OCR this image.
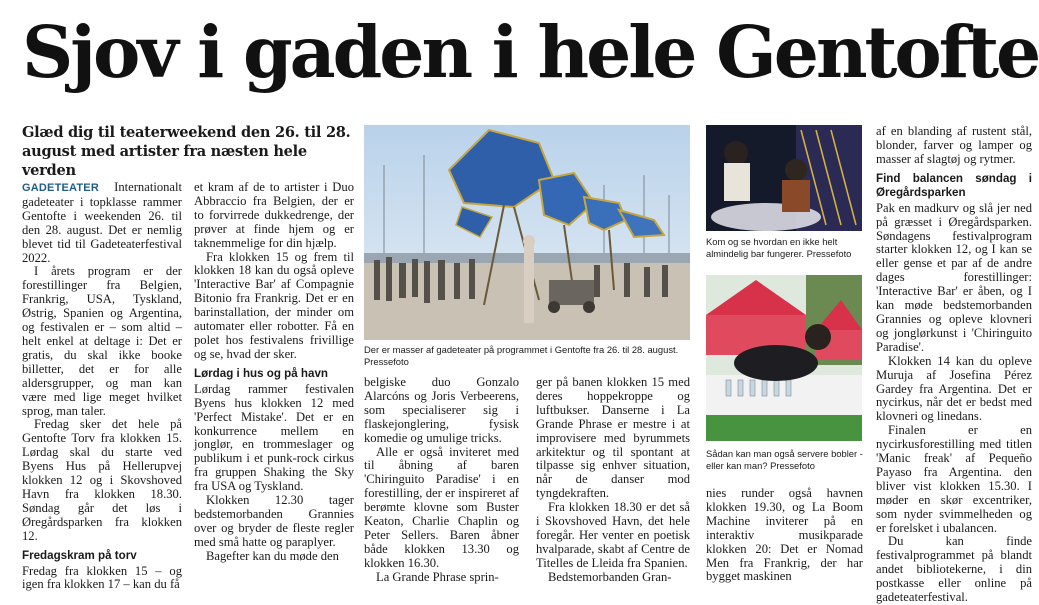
Sjov i gaden i hele Gentofte
Glæd dig til teaterweekend den 26. til 28. august med artister fra næsten hele verden

GADETEATER Internationalt gadeteater i topklasse rammer Gentofte i weekenden 26. til den 28. august. Det er nemlig blevet tid til Gadeteaterfestival 2022.

I årets program er der forestillinger fra Belgien, Frankrig, USA, Tyskland, Østrig, Spanien og Argentina, og festivalen er – som altid – helt enkel at deltage i: Det er gratis, du skal ikke booke billetter, det er for alle aldersgrupper, og man kan være med lige meget hvilket sprog, man taler.

Fredag sker det hele på Gentofte Torv fra klokken 15. Lørdag skal du starte ved Byens Hus på Hellerupvej klokken 12 og i Skovshoved Havn fra klokken 18.30. Søndag går det løs i Øregårdsparken fra klokken 12.

Fredagskram på torv

Fredag fra klokken 15 – og igen fra klokken 17 – kan du få

et kram af de to artister i Duo Abbraccio fra Belgien, der er to forvirrede dukkedrenge, der prøver at finde hjem og er taknemmelige for din hjælp.

Fra klokken 15 og frem til klokken 18 kan du også opleve 'Interactive Bar' af Compagnie Bitonio fra Frankrig. Det er en barinstallation, der minder om automater eller robotter. Få en polet hos festivalens frivillige og se, hvad der sker.

Lørdag i hus og på havn

Lørdag rammer festivalen Byens hus klokken 12 med 'Perfect Mistake'. Det er en konkurrence mellem en jonglør, en trommeslager og publikum i et punk-rock cirkus fra gruppen Shaking the Sky fra USA og Tyskland.

Klokken 12.30 tager bedstemorbanden Grannies over og bryder de fleste regler med små hatte og paraplyer.

Bagefter kan du møde den

Der er masser af gadeteater på programmet i Gentofte fra 26. til 28. august. Pressefoto

belgiske duo Gonzalo Alarcóns og Joris Verbeerens, som specialiserer sig i flaskejonglering, fysisk komedie og umulige tricks.

Alle er også inviteret med til åbning af baren 'Chiringuito Paradise' i en forestilling, der er inspireret af berømte klovne som Buster Keaton, Charlie Chaplin og Peter Sellers. Baren åbner både klokken 13.30 og klokken 16.30.

La Grande Phrase sprin-

ger på banen klokken 15 med deres hoppekroppe og luftbukser. Danserne i La Grande Phrase er mestre i at improvisere med byrummets arkitektur og til spontant at tilpasse sig enhver situation, når de danser mod tyngdekraften.

Fra klokken 18.30 er det så i Skovshoved Havn, det hele foregår. Her venter en poetisk hvalparade, skabt af Centre de Titelles de Lleida fra Spanien.

Bedstemorbanden Gran-

Kom og se hvordan en ikke helt almindelig bar fungerer. Pressefoto
Sådan kan man også servere bobler - eller kan man? Pressefoto

nies runder også havnen klokken 19.30, og La Boom Machine inviterer på en interaktiv musikparade klokken 20: Det er Nomad Men fra Frankrig, der har bygget maskinen

af en blanding af rustent stål, blonder, farver og lamper og masser af slagtøj og rytmer.

Find balancen søndag i Øregårdsparken

Pak en madkurv og slå jer ned på græsset i Øregårdsparken. Søndagens festivalprogram starter klokken 12, og I kan se eller gense et par af de andre dages forestillinger: 'Interactive Bar' er åben, og I kan møde bedstemorbanden Grannies og opleve klovneri og jonglørkunst i 'Chiringuito Paradise'.

Klokken 14 kan du opleve Muruja af Josefina Pérez Gardey fra Argentina. Det er nycirkus, når det er bedst med klovneri og linedans.

Finalen er en nycirkusforestilling med titlen 'Manic freak' af Pequeño Payaso fra Argentina. den bliver vist klokken 15.30. I møder en skør excentriker, som nyder svimmelheden og er forelsket i ubalancen.

Du kan finde festivalprogrammet på blandt andet bibliotekerne, i din postkasse eller online på gadeteaterfestival.
